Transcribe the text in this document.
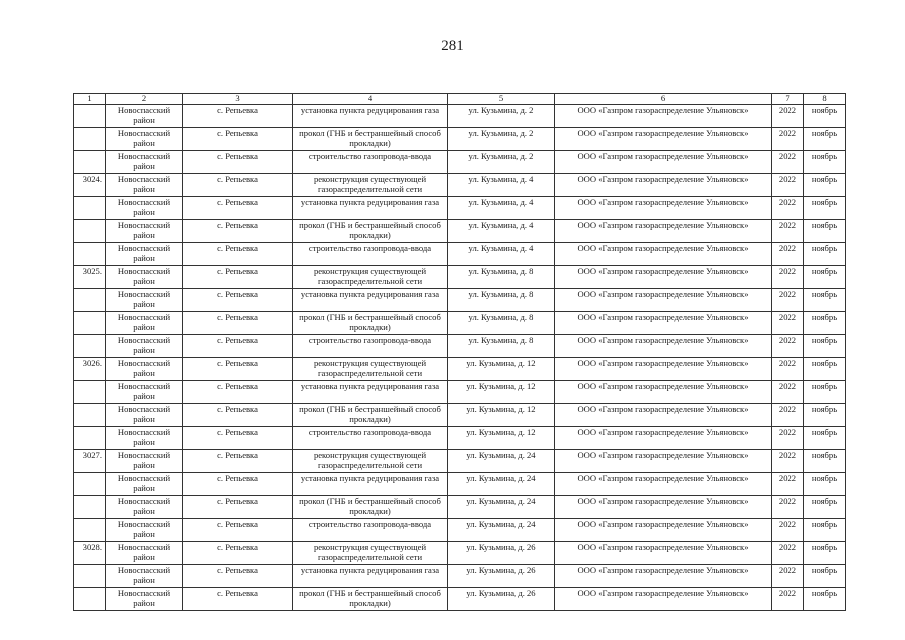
281
1	2	3	4	5	6	7	8
	Новоспасский район	с. Репьевка	установка пункта редуцирования газа	ул. Кузьмина, д. 2	ООО «Газпром газораспределение Ульяновск»	2022	ноябрь
	Новоспасский район	с. Репьевка	прокол (ГНБ и бестраншейный способ прокладки)	ул. Кузьмина, д. 2	ООО «Газпром газораспределение Ульяновск»	2022	ноябрь
	Новоспасский район	с. Репьевка	строительство газопровода-ввода	ул. Кузьмина, д. 2	ООО «Газпром газораспределение Ульяновск»	2022	ноябрь
3024.	Новоспасский район	с. Репьевка	реконструкция существующей газораспределительной сети	ул. Кузьмина, д. 4	ООО «Газпром газораспределение Ульяновск»	2022	ноябрь
	Новоспасский район	с. Репьевка	установка пункта редуцирования газа	ул. Кузьмина, д. 4	ООО «Газпром газораспределение Ульяновск»	2022	ноябрь
	Новоспасский район	с. Репьевка	прокол (ГНБ и бестраншейный способ прокладки)	ул. Кузьмина, д. 4	ООО «Газпром газораспределение Ульяновск»	2022	ноябрь
	Новоспасский район	с. Репьевка	строительство газопровода-ввода	ул. Кузьмина, д. 4	ООО «Газпром газораспределение Ульяновск»	2022	ноябрь
3025.	Новоспасский район	с. Репьевка	реконструкция существующей газораспределительной сети	ул. Кузьмина, д. 8	ООО «Газпром газораспределение Ульяновск»	2022	ноябрь
	Новоспасский район	с. Репьевка	установка пункта редуцирования газа	ул. Кузьмина, д. 8	ООО «Газпром газораспределение Ульяновск»	2022	ноябрь
	Новоспасский район	с. Репьевка	прокол (ГНБ и бестраншейный способ прокладки)	ул. Кузьмина, д. 8	ООО «Газпром газораспределение Ульяновск»	2022	ноябрь
	Новоспасский район	с. Репьевка	строительство газопровода-ввода	ул. Кузьмина, д. 8	ООО «Газпром газораспределение Ульяновск»	2022	ноябрь
3026.	Новоспасский район	с. Репьевка	реконструкция существующей газораспределительной сети	ул. Кузьмина, д. 12	ООО «Газпром газораспределение Ульяновск»	2022	ноябрь
	Новоспасский район	с. Репьевка	установка пункта редуцирования газа	ул. Кузьмина, д. 12	ООО «Газпром газораспределение Ульяновск»	2022	ноябрь
	Новоспасский район	с. Репьевка	прокол (ГНБ и бестраншейный способ прокладки)	ул. Кузьмина, д. 12	ООО «Газпром газораспределение Ульяновск»	2022	ноябрь
	Новоспасский район	с. Репьевка	строительство газопровода-ввода	ул. Кузьмина, д. 12	ООО «Газпром газораспределение Ульяновск»	2022	ноябрь
3027.	Новоспасский район	с. Репьевка	реконструкция существующей газораспределительной сети	ул. Кузьмина, д. 24	ООО «Газпром газораспределение Ульяновск»	2022	ноябрь
	Новоспасский район	с. Репьевка	установка пункта редуцирования газа	ул. Кузьмина, д. 24	ООО «Газпром газораспределение Ульяновск»	2022	ноябрь
	Новоспасский район	с. Репьевка	прокол (ГНБ и бестраншейный способ прокладки)	ул. Кузьмина, д. 24	ООО «Газпром газораспределение Ульяновск»	2022	ноябрь
	Новоспасский район	с. Репьевка	строительство газопровода-ввода	ул. Кузьмина, д. 24	ООО «Газпром газораспределение Ульяновск»	2022	ноябрь
3028.	Новоспасский район	с. Репьевка	реконструкция существующей газораспределительной сети	ул. Кузьмина, д. 26	ООО «Газпром газораспределение Ульяновск»	2022	ноябрь
	Новоспасский район	с. Репьевка	установка пункта редуцирования газа	ул. Кузьмина, д. 26	ООО «Газпром газораспределение Ульяновск»	2022	ноябрь
	Новоспасский район	с. Репьевка	прокол (ГНБ и бестраншейный способ прокладки)	ул. Кузьмина, д. 26	ООО «Газпром газораспределение Ульяновск»	2022	ноябрь
